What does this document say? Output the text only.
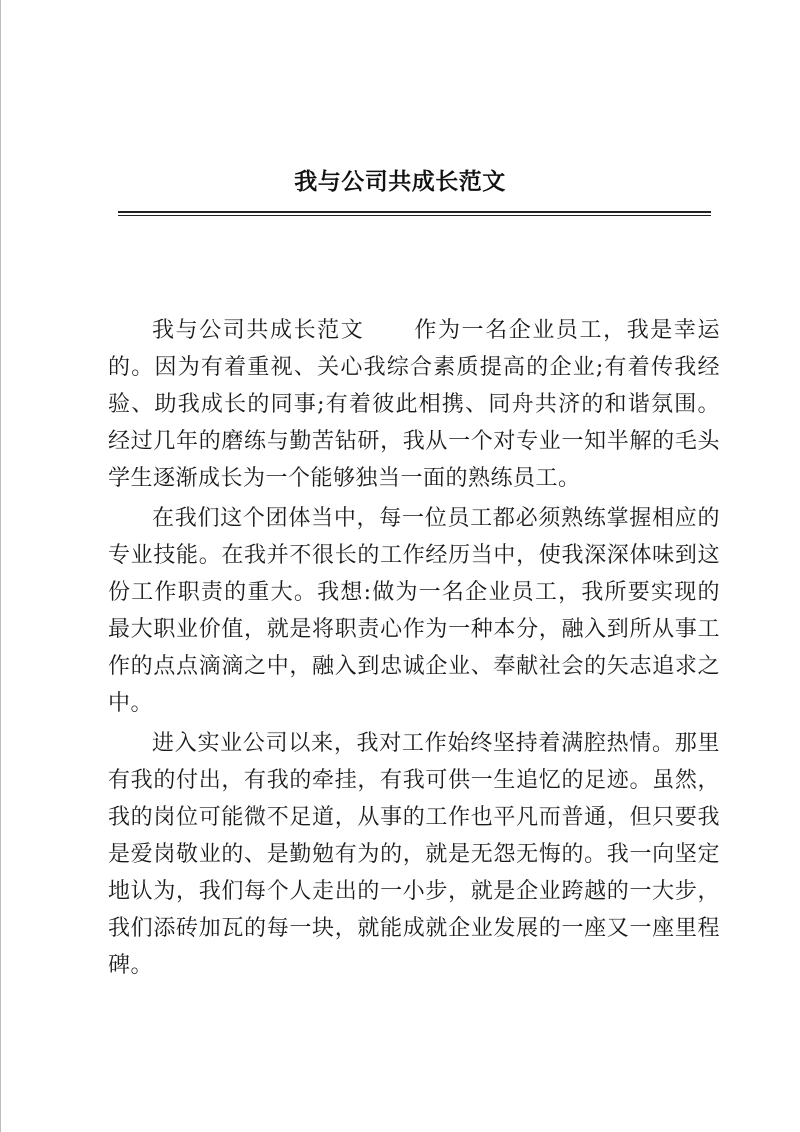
我与公司共成长范文

我与公司共成长范文 作为一名企业员工，我是幸运的。因为有着重视、关心我综合素质提高的企业;有着传我经验、助我成长的同事;有着彼此相携、同舟共济的和谐氛围。经过几年的磨练与勤苦钻研，我从一个对专业一知半解的毛头学生逐渐成长为一个能够独当一面的熟练员工。

在我们这个团体当中，每一位员工都必须熟练掌握相应的专业技能。在我并不很长的工作经历当中，使我深深体味到这份工作职责的重大。我想:做为一名企业员工，我所要实现的最大职业价值，就是将职责心作为一种本分，融入到所从事工作的点点滴滴之中，融入到忠诚企业、奉献社会的矢志追求之中。

进入实业公司以来，我对工作始终坚持着满腔热情。那里有我的付出，有我的牵挂，有我可供一生追忆的足迹。虽然，我的岗位可能微不足道，从事的工作也平凡而普通，但只要我是爱岗敬业的、是勤勉有为的，就是无怨无悔的。我一向坚定地认为，我们每个人走出的一小步，就是企业跨越的一大步，我们添砖加瓦的每一块，就能成就企业发展的一座又一座里程碑。
